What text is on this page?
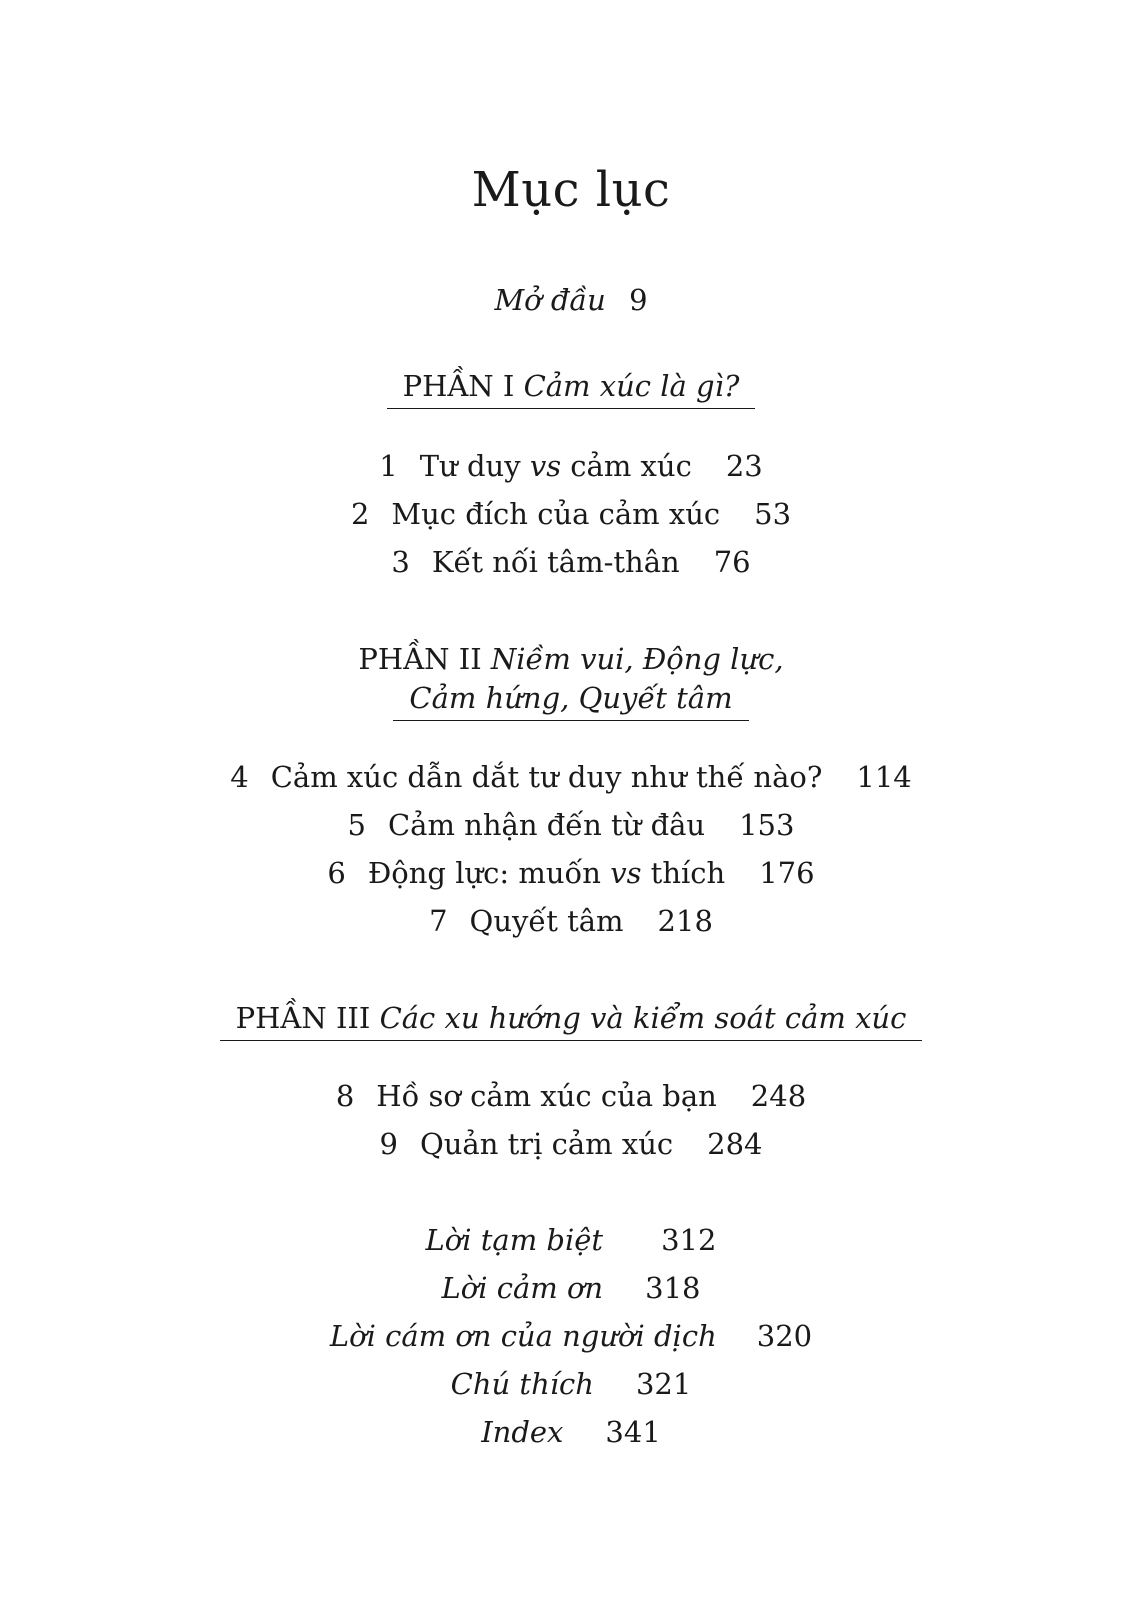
Mục lục
Mở đầu 9
PHẦN I Cảm xúc là gì?
1 Tư duy vs cảm xúc 23
2 Mục đích của cảm xúc 53
3 Kết nối tâm-thân 76
PHẦN II Niềm vui, Động lực,
Cảm hứng, Quyết tâm
4 Cảm xúc dẫn dắt tư duy như thế nào? 114
5 Cảm nhận đến từ đâu 153
6 Động lực: muốn vs thích 176
7 Quyết tâm 218
PHẦN III Các xu hướng và kiểm soát cảm xúc
8 Hồ sơ cảm xúc của bạn 248
9 Quản trị cảm xúc 284
Lời tạm biệt 312
Lời cảm ơn 318
Lời cám ơn của người dịch 320
Chú thích 321
Index 341
